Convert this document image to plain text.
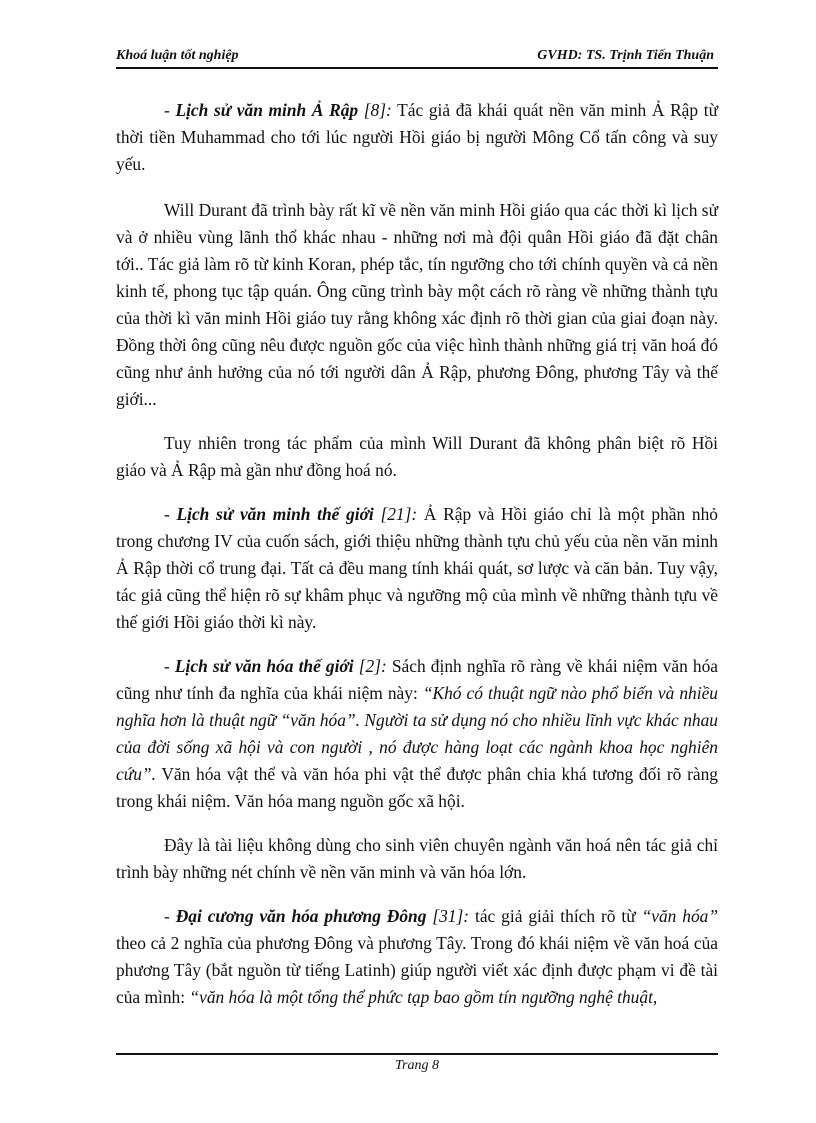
Khoá luận tốt nghiệp	GVHD: TS. Trịnh Tiến Thuận

- Lịch sử văn minh Ả Rập [8]: Tác giả đã khái quát nền văn minh Ả Rập từ thời tiền Muhammad cho tới lúc người Hồi giáo bị người Mông Cổ tấn công và suy yếu.

Will Durant đã trình bày rất kĩ về nền văn minh Hồi giáo qua các thời kì lịch sử và ở nhiều vùng lãnh thổ khác nhau - những nơi mà đội quân Hồi giáo đã đặt chân tới.. Tác giả làm rõ từ kinh Koran, phép tắc, tín ngưỡng cho tới chính quyền và cả nền kinh tế, phong tục tập quán. Ông cũng trình bày một cách rõ ràng về những thành tựu của thời kì văn minh Hồi giáo tuy rằng không xác định rõ thời gian của giai đoạn này. Đồng thời ông cũng nêu được nguồn gốc của việc hình thành những giá trị văn hoá đó cũng như ảnh hưởng của nó tới người dân Ả Rập, phương Đông, phương Tây và thế giới...

Tuy nhiên trong tác phẩm của mình Will Durant đã không phân biệt rõ Hồi giáo và Ả Rập mà gần như đồng hoá nó.

- Lịch sử văn minh thế giới [21]: Ả Rập và Hồi giáo chỉ là một phần nhỏ trong chương IV của cuốn sách, giới thiệu những thành tựu chủ yếu của nền văn minh Ả Rập thời cổ trung đại. Tất cả đều mang tính khái quát, sơ lược và căn bản. Tuy vậy, tác giả cũng thể hiện rõ sự khâm phục và ngưỡng mộ của mình về những thành tựu về thế giới Hồi giáo thời kì này.

- Lịch sử văn hóa thế giới [2]: Sách định nghĩa rõ ràng về khái niệm văn hóa cũng như tính đa nghĩa của khái niệm này: “Khó có thuật ngữ nào phổ biến và nhiều nghĩa hơn là thuật ngữ “văn hóa”. Người ta sử dụng nó cho nhiều lĩnh vực khác nhau của đời sống xã hội và con người , nó được hàng loạt các ngành khoa học nghiên cứu”. Văn hóa vật thể và văn hóa phi vật thể được phân chia khá tương đối rõ ràng trong khái niệm. Văn hóa mang nguồn gốc xã hội.

Đây là tài liệu không dùng cho sinh viên chuyên ngành văn hoá nên tác giả chỉ trình bày những nét chính về nền văn minh và văn hóa lớn.

- Đại cương văn hóa phương Đông [31]: tác giả giải thích rõ từ “văn hóa” theo cả 2 nghĩa của phương Đông và phương Tây. Trong đó khái niệm về văn hoá của phương Tây (bắt nguồn từ tiếng Latinh) giúp người viết xác định được phạm vi đề tài của mình: “văn hóa là một tổng thể phức tạp bao gồm tín ngưỡng nghệ thuật,

Trang 8
